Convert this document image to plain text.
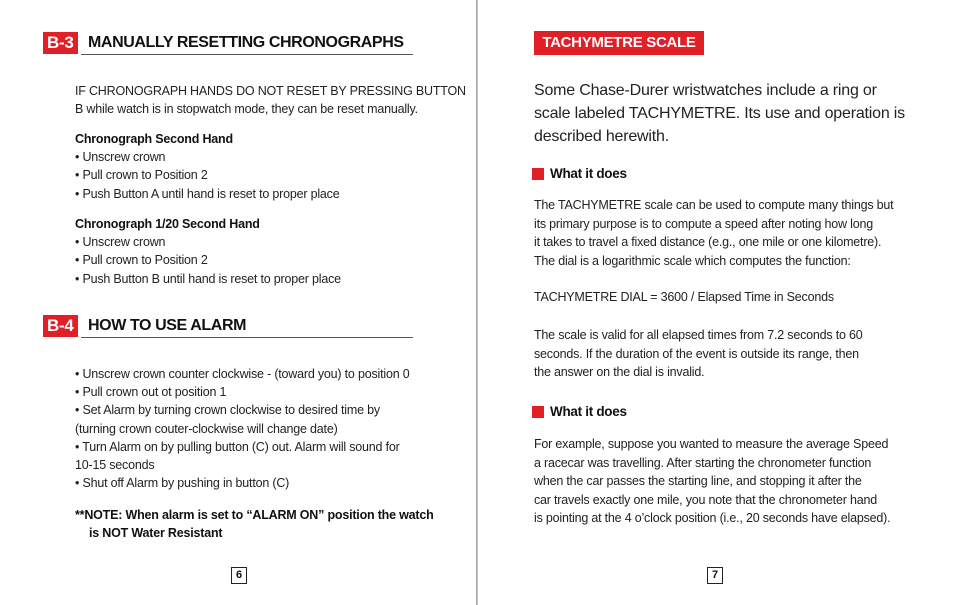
B-3 MANUALLY RESETTING CHRONOGRAPHS
IF CHRONOGRAPH HANDS DO NOT RESET BY PRESSING BUTTON
B while watch is in stopwatch mode, they can be reset manually.
Chronograph Second Hand
• Unscrew crown
• Pull crown to Position 2
• Push Button A until hand is reset to proper place
Chronograph 1/20 Second Hand
• Unscrew crown
• Pull crown to Position 2
• Push Button B until hand is reset to proper place
B-4 HOW TO USE ALARM
• Unscrew crown counter clockwise - (toward you) to position 0
• Pull crown out ot position 1
• Set Alarm by turning crown clockwise to desired time by
(turning crown couter-clockwise will change date)
• Turn Alarm on by pulling button (C) out. Alarm will sound for
10-15 seconds
• Shut off Alarm by pushing in button (C)
**NOTE: When alarm is set to “ALARM ON” position the watch
is NOT Water Resistant
6
TACHYMETRE SCALE
Some Chase-Durer wristwatches include a ring or
scale labeled TACHYMETRE. Its use and operation is
described herewith.
What it does
The TACHYMETRE scale can be used to compute many things but
its primary purpose is to compute a speed after noting how long
it takes to travel a fixed distance (e.g., one mile or one kilometre).
The dial is a logarithmic scale which computes the function:
TACHYMETRE DIAL = 3600 / Elapsed Time in Seconds
The scale is valid for all elapsed times from 7.2 seconds to 60
seconds. If the duration of the event is outside its range, then
the answer on the dial is invalid.
What it does
For example, suppose you wanted to measure the average Speed
a racecar was travelling. After starting the chronometer function
when the car passes the starting line, and stopping it after the
car travels exactly one mile, you note that the chronometer hand
is pointing at the 4 o’clock position (i.e., 20 seconds have elapsed).
7
